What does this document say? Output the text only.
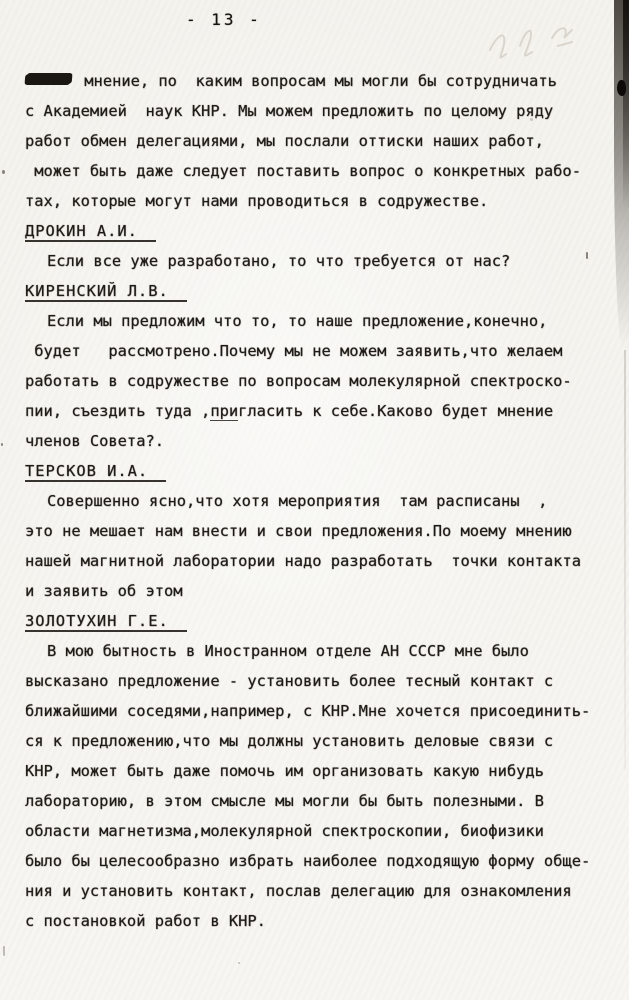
- 13 -
мнение, по  каким вопросам мы могли бы сотрудничать
с Академией  наук КНР. Мы можем предложить по целому ряду
работ обмен делегациями, мы послали оттиски наших работ,
может быть даже следует поставить вопрос о конкретных рабо-
тах, которые могут нами проводиться в содружестве.
ДРОКИН А.И.
Если все уже разработано, то что требуется от нас?
КИРЕНСКИЙ Л.В.
Если мы предложим что то, то наше предложение,конечно,
будет   рассмотрено.Почему мы не можем заявить,что желаем
работать в содружестве по вопросам молекулярной спектроско-
пии, съездить туда ,пригласить к себе.Каково будет мнение
членов Совета?.
ТЕРСКОВ И.А.
Совершенно ясно,что хотя мероприятия  там расписаны  ,
это не мешает нам внести и свои предложения.По моему мнению
нашей магнитной лаборатории надо разработать  точки контакта
и заявить об этом
ЗОЛОТУХИН Г.Е.
В мою бытность в Иностранном отделе АН СССР мне было
высказано предложение - установить более тесный контакт с
ближайшими соседями,например, с КНР.Мне хочется присоединить-
ся к предложению,что мы должны установить деловые связи с
КНР, может быть даже помочь им организовать какую нибудь
лабораторию, в этом смысле мы могли бы быть полезными. В
области магнетизма,молекулярной спектроскопии, биофизики
было бы целесообразно избрать наиболее подходящую форму обще-
ния и установить контакт, послав делегацию для ознакомления
с постановкой работ в КНР.
